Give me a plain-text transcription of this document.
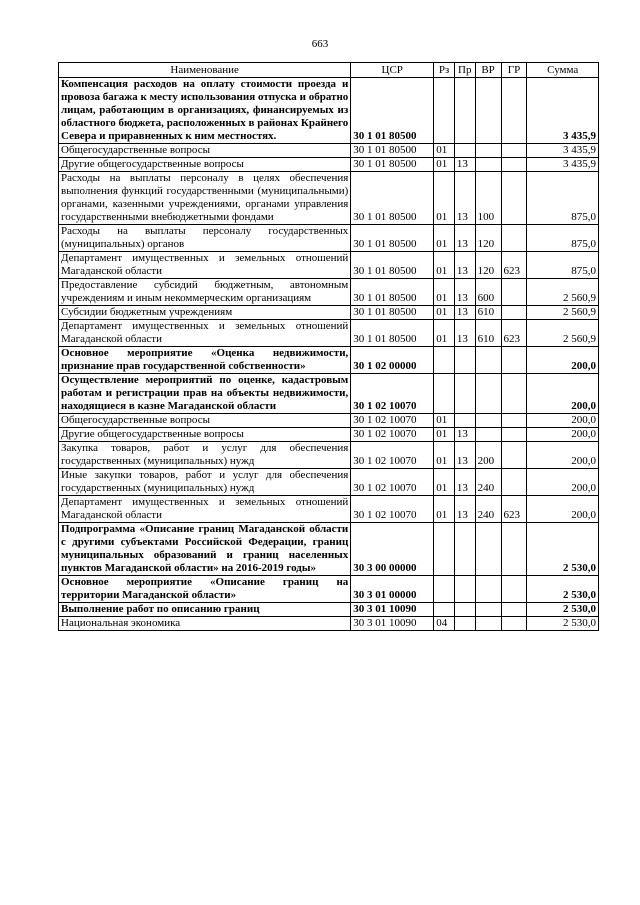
663
Наименование	ЦСР	Рз	Пр	ВР	ГР	Сумма
Компенсация расходов на оплату стоимости проезда и провоза багажа к месту использования отпуска и обратно лицам, работающим в организациях, финансируемых из областного бюджета, расположенных в районах Крайнего Севера и приравненных к ним местностях.	30 1 01 80500					3 435,9
Общегосударственные вопросы	30 1 01 80500	01				3 435,9
Другие общегосударственные вопросы	30 1 01 80500	01	13			3 435,9
Расходы на выплаты персоналу в целях обеспечения выполнения функций государственными (муниципальными) органами, казенными учреждениями, органами управления государственными внебюджетными фондами	30 1 01 80500	01	13	100		875,0
Расходы на выплаты персоналу государственных (муниципальных) органов	30 1 01 80500	01	13	120		875,0
Департамент имущественных и земельных отношений Магаданской области	30 1 01 80500	01	13	120	623	875,0
Предоставление субсидий бюджетным, автономным учреждениям и иным некоммерческим организациям	30 1 01 80500	01	13	600		2 560,9
Субсидии бюджетным учреждениям	30 1 01 80500	01	13	610		2 560,9
Департамент имущественных и земельных отношений Магаданской области	30 1 01 80500	01	13	610	623	2 560,9
Основное мероприятие «Оценка недвижимости, признание прав государственной собственности»	30 1 02 00000					200,0
Осуществление мероприятий по оценке, кадастровым работам и регистрации прав на объекты недвижимости, находящиеся в казне Магаданской области	30 1 02 10070					200,0
Общегосударственные вопросы	30 1 02 10070	01				200,0
Другие общегосударственные вопросы	30 1 02 10070	01	13			200,0
Закупка товаров, работ и услуг для обеспечения государственных (муниципальных) нужд	30 1 02 10070	01	13	200		200,0
Иные закупки товаров, работ и услуг для обеспечения государственных (муниципальных) нужд	30 1 02 10070	01	13	240		200,0
Департамент имущественных и земельных отношений Магаданской области	30 1 02 10070	01	13	240	623	200,0
Подпрограмма «Описание границ Магаданской области с другими субъектами Российской Федерации, границ муниципальных образований и границ населенных пунктов Магаданской области» на 2016-2019 годы»	30 3 00 00000					2 530,0
Основное мероприятие «Описание границ на территории Магаданской области»	30 3 01 00000					2 530,0
Выполнение работ по описанию границ	30 3 01 10090					2 530,0
Национальная экономика	30 3 01 10090	04				2 530,0
